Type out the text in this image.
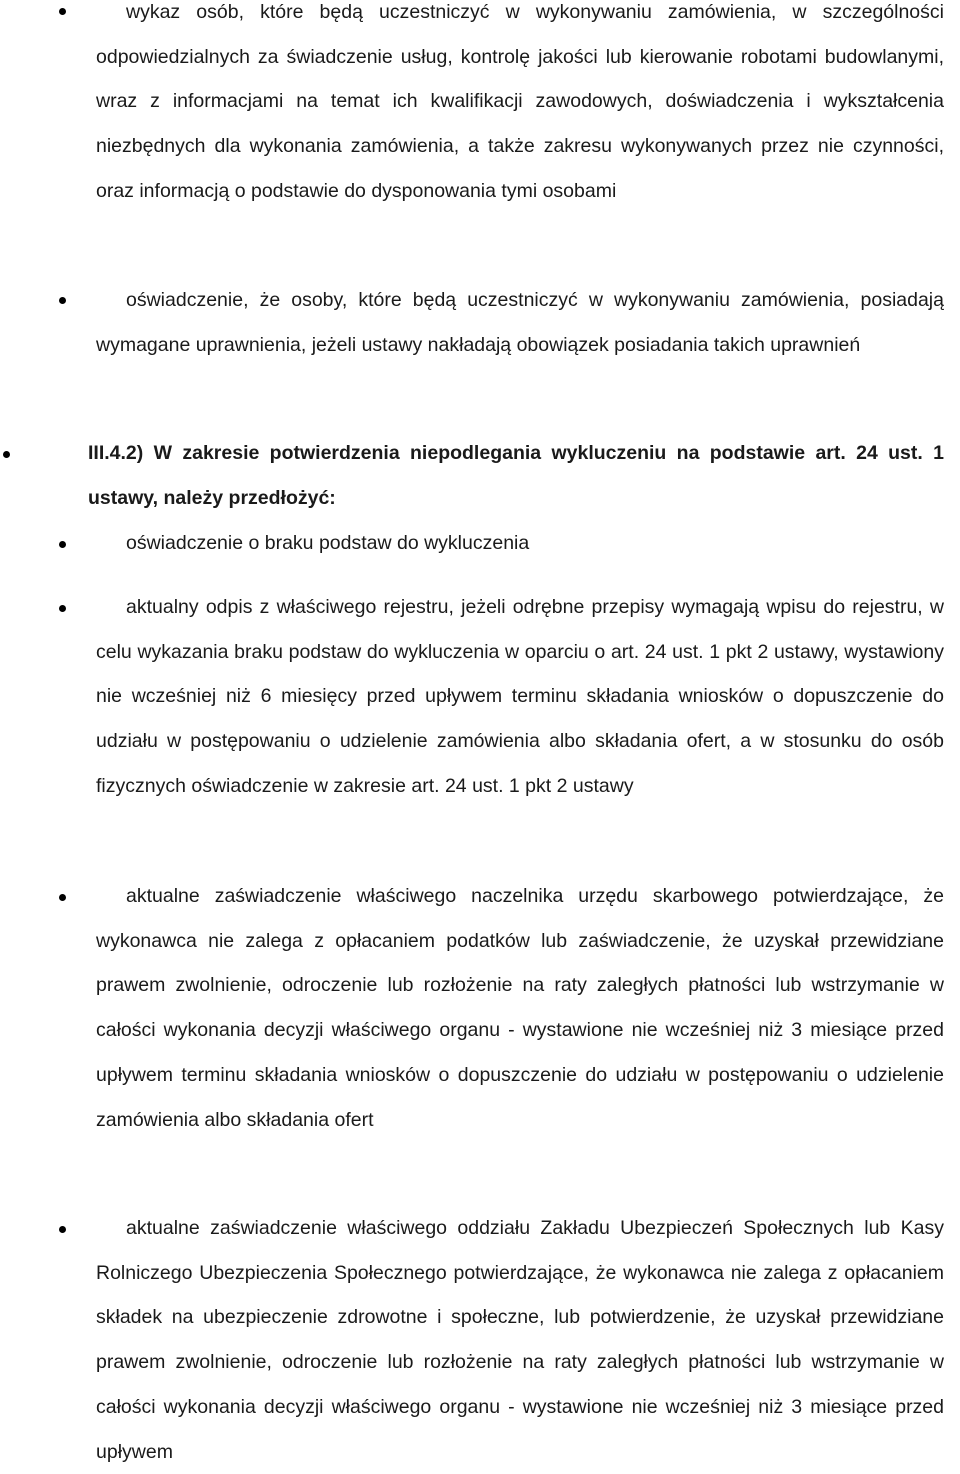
wykaz osób, które będą uczestniczyć w wykonywaniu zamówienia, w szczególności odpowiedzialnych za świadczenie usług, kontrolę jakości lub kierowanie robotami budowlanymi, wraz z informacjami na temat ich kwalifikacji zawodowych, doświadczenia i wykształcenia niezbędnych dla wykonania zamówienia, a także zakresu wykonywanych przez nie czynności, oraz informacją o podstawie do dysponowania tymi osobami

oświadczenie, że osoby, które będą uczestniczyć w wykonywaniu zamówienia, posiadają wymagane uprawnienia, jeżeli ustawy nakładają obowiązek posiadania takich uprawnień

III.4.2) W zakresie potwierdzenia niepodlegania wykluczeniu na podstawie art. 24 ust. 1 ustawy, należy przedłożyć:

oświadczenie o braku podstaw do wykluczenia

aktualny odpis z właściwego rejestru, jeżeli odrębne przepisy wymagają wpisu do rejestru, w celu wykazania braku podstaw do wykluczenia w oparciu o art. 24 ust. 1 pkt 2 ustawy, wystawiony nie wcześniej niż 6 miesięcy przed upływem terminu składania wniosków o dopuszczenie do udziału w postępowaniu o udzielenie zamówienia albo składania ofert, a w stosunku do osób fizycznych oświadczenie w zakresie art. 24 ust. 1 pkt 2 ustawy

aktualne zaświadczenie właściwego naczelnika urzędu skarbowego potwierdzające, że wykonawca nie zalega z opłacaniem podatków lub zaświadczenie, że uzyskał przewidziane prawem zwolnienie, odroczenie lub rozłożenie na raty zaległych płatności lub wstrzymanie w całości wykonania decyzji właściwego organu - wystawione nie wcześniej niż 3 miesiące przed upływem terminu składania wniosków o dopuszczenie do udziału w postępowaniu o udzielenie zamówienia albo składania ofert

aktualne zaświadczenie właściwego oddziału Zakładu Ubezpieczeń Społecznych lub Kasy Rolniczego Ubezpieczenia Społecznego potwierdzające, że wykonawca nie zalega z opłacaniem składek na ubezpieczenie zdrowotne i społeczne, lub potwierdzenie, że uzyskał przewidziane prawem zwolnienie, odroczenie lub rozłożenie na raty zaległych płatności lub wstrzymanie w całości wykonania decyzji właściwego organu - wystawione nie wcześniej niż 3 miesiące przed upływem
